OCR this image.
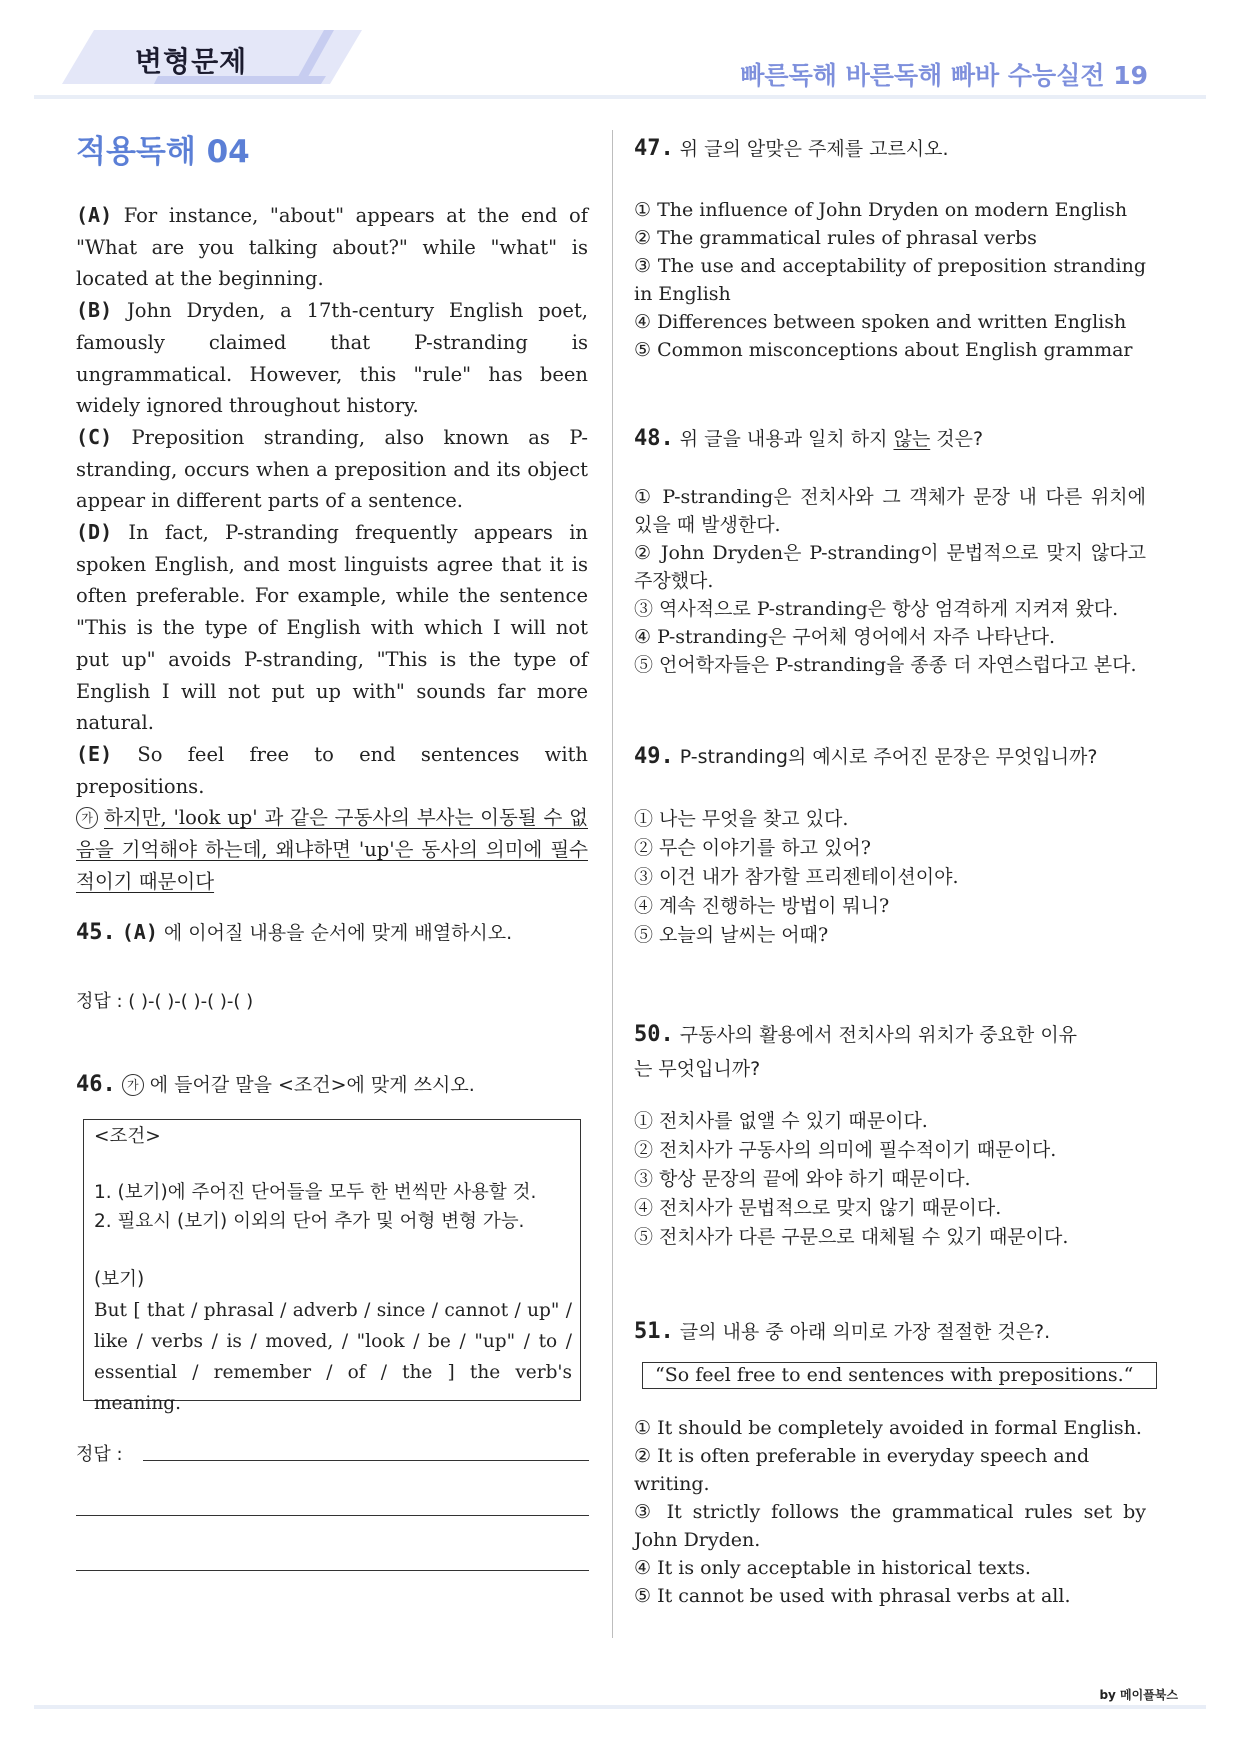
변형문제	빠른독해 바른독해 빠바 수능실전 19
적용독해 04

(A) For instance, "about" appears at the end of "What are you talking about?" while "what" is located at the beginning.

(B) John Dryden, a 17th-century English poet, famously claimed that P-stranding is ungrammatical. However, this "rule" has been widely ignored throughout history.

(C) Preposition stranding, also known as P-stranding, occurs when a preposition and its object appear in different parts of a sentence.

(D) In fact, P-stranding frequently appears in spoken English, and most linguists agree that it is often preferable. For example, while the sentence "This is the type of English with which I will not put up" avoids P-stranding, "This is the type of English I will not put up with" sounds far more natural.

(E) So feel free to end sentences with prepositions.

가 하지만, 'look up' 과 같은 구동사의 부사는 이동될 수 없음을 기억해야 하는데, 왜냐하면 'up'은 동사의 의미에 필수적이기 때문이다

45. (A) 에 이어질 내용을 순서에 맞게 배열하시오.
정답 : ( )-( )-( )-( )-( )
46. 가 에 들어갈 말을 <조건>에 맞게 쓰시오.
<조건>
1. (보기)에 주어진 단어들을 모두 한 번씩만 사용할 것.
2. 필요시 (보기) 이외의 단어 추가 및 어형 변형 가능.
(보기)
But [ that / phrasal / adverb / since / cannot / up" / like / verbs / is / moved, / "look / be / "up" / to / essential / remember / of / the ] the verb's meaning.
정답 :
47. 위 글의 알맞은 주제를 고르시오.
① The influence of John Dryden on modern English
② The grammatical rules of phrasal verbs
③ The use and acceptability of preposition stranding in English
④ Differences between spoken and written English
⑤ Common misconceptions about English grammar
48. 위 글을 내용과 일치 하지 않는 것은?
① P-stranding은 전치사와 그 객체가 문장 내 다른 위치에 있을 때 발생한다.
② John Dryden은 P-stranding이 문법적으로 맞지 않다고 주장했다.
③ 역사적으로 P-stranding은 항상 엄격하게 지켜져 왔다.
④ P-stranding은 구어체 영어에서 자주 나타난다.
⑤ 언어학자들은 P-stranding을 종종 더 자연스럽다고 본다.
49. P-stranding의 예시로 주어진 문장은 무엇입니까?
① 나는 무엇을 찾고 있다.
② 무슨 이야기를 하고 있어?
③ 이건 내가 참가할 프리젠테이션이야.
④ 계속 진행하는 방법이 뭐니?
⑤ 오늘의 날씨는 어때?
50. 구동사의 활용에서 전치사의 위치가 중요한 이유
는 무엇입니까?
① 전치사를 없앨 수 있기 때문이다.
② 전치사가 구동사의 의미에 필수적이기 때문이다.
③ 항상 문장의 끝에 와야 하기 때문이다.
④ 전치사가 문법적으로 맞지 않기 때문이다.
⑤ 전치사가 다른 구문으로 대체될 수 있기 때문이다.
51. 글의 내용 중 아래 의미로 가장 절절한 것은?.
“So feel free to end sentences with prepositions.“
① It should be completely avoided in formal English.
② It is often preferable in everyday speech and writing.
③ It strictly follows the grammatical rules set by John Dryden.
④ It is only acceptable in historical texts.
⑤ It cannot be used with phrasal verbs at all.
by 메이플북스
